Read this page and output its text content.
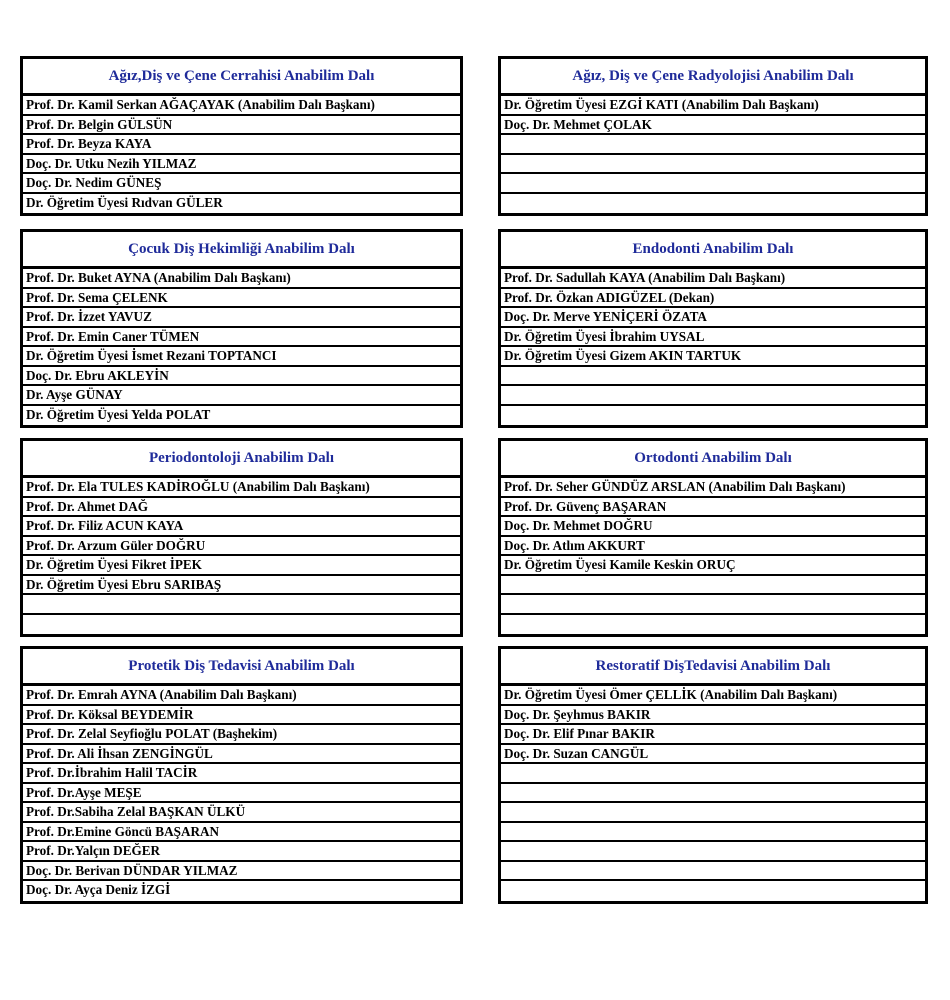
Ağız,Diş ve Çene Cerrahisi Anabilim Dalı
Prof. Dr. Kamil Serkan AĞAÇAYAK (Anabilim Dalı Başkanı)
Prof. Dr. Belgin GÜLSÜN
Prof. Dr. Beyza KAYA
Doç. Dr. Utku Nezih YILMAZ
Doç. Dr. Nedim GÜNEŞ
Dr. Öğretim Üyesi Rıdvan GÜLER
Ağız, Diş ve Çene Radyolojisi Anabilim Dalı
Dr. Öğretim Üyesi EZGİ KATI (Anabilim Dalı Başkanı)
Doç. Dr. Mehmet ÇOLAK
Çocuk Diş Hekimliği Anabilim Dalı
Prof. Dr. Buket AYNA (Anabilim Dalı Başkanı)
Prof. Dr. Sema ÇELENK
Prof. Dr. İzzet YAVUZ
Prof. Dr. Emin Caner TÜMEN
Dr. Öğretim Üyesi İsmet Rezani TOPTANCI
Doç. Dr. Ebru AKLEYİN
Dr. Ayşe GÜNAY
Dr. Öğretim Üyesi Yelda POLAT
Endodonti Anabilim Dalı
Prof. Dr. Sadullah KAYA (Anabilim Dalı Başkanı)
Prof. Dr. Özkan ADIGÜZEL (Dekan)
Doç. Dr. Merve YENİÇERİ ÖZATA
Dr. Öğretim Üyesi İbrahim UYSAL
Dr. Öğretim Üyesi Gizem AKIN TARTUK
Periodontoloji Anabilim Dalı
Prof. Dr. Ela TULES KADİROĞLU (Anabilim Dalı Başkanı)
Prof. Dr. Ahmet DAĞ
Prof. Dr. Filiz ACUN KAYA
Prof. Dr. Arzum Güler DOĞRU
Dr. Öğretim Üyesi Fikret İPEK
Dr. Öğretim Üyesi Ebru SARIBAŞ
Ortodonti Anabilim Dalı
Prof. Dr. Seher GÜNDÜZ ARSLAN (Anabilim Dalı Başkanı)
Prof. Dr. Güvenç BAŞARAN
Doç. Dr. Mehmet DOĞRU
Doç. Dr. Atlım AKKURT
Dr. Öğretim Üyesi Kamile Keskin ORUÇ
Protetik Diş Tedavisi Anabilim Dalı
Prof. Dr. Emrah AYNA (Anabilim Dalı Başkanı)
Prof. Dr. Köksal BEYDEMİR
Prof. Dr. Zelal Seyfioğlu POLAT (Başhekim)
Prof. Dr. Ali İhsan ZENGİNGÜL
Prof. Dr.İbrahim Halil TACİR
Prof. Dr.Ayşe MEŞE
Prof. Dr.Sabiha Zelal BAŞKAN ÜLKÜ
Prof. Dr.Emine Göncü BAŞARAN
Prof. Dr.Yalçın DEĞER
Doç. Dr. Berivan DÜNDAR YILMAZ
Doç. Dr. Ayça Deniz İZGİ
Restoratif DişTedavisi Anabilim Dalı
Dr. Öğretim Üyesi Ömer ÇELLİK (Anabilim Dalı Başkanı)
Doç. Dr. Şeyhmus BAKIR
Doç. Dr. Elif Pınar BAKIR
Doç. Dr. Suzan CANGÜL
